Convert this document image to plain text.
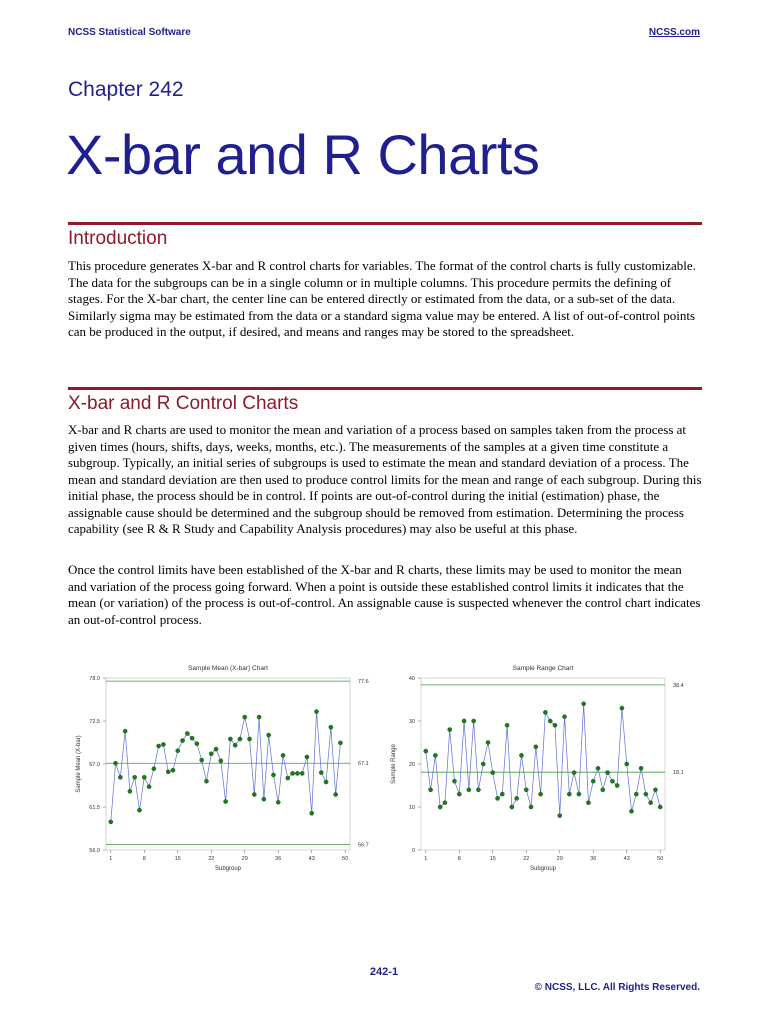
NCSS Statistical Software	NCSS.com
Chapter 242
X-bar and R Charts
Introduction

This procedure generates X-bar and R control charts for variables. The format of the control charts is fully customizable. The data for the subgroups can be in a single column or in multiple columns. This procedure permits the defining of stages. For the X-bar chart, the center line can be entered directly or estimated from the data, or a sub-set of the data. Similarly sigma may be estimated from the data or a standard sigma value may be entered. A list of out-of-control points can be produced in the output, if desired, and means and ranges may be stored to the spreadsheet.

X-bar and R Control Charts

X-bar and R charts are used to monitor the mean and variation of a process based on samples taken from the process at given times (hours, shifts, days, weeks, months, etc.). The measurements of the samples at a given time constitute a subgroup. Typically, an initial series of subgroups is used to estimate the mean and standard deviation of a process. The mean and standard deviation are then used to produce control limits for the mean and range of each subgroup. During this initial phase, the process should be in control. If points are out-of-control during the initial (estimation) phase, the assignable cause should be determined and the subgroup should be removed from estimation. Determining the process capability (see R & R Study and Capability Analysis procedures) may also be useful at this phase.

Once the control limits have been established of the X-bar and R charts, these limits may be used to monitor the mean and variation of the process going forward. When a point is outside these established control limits it indicates that the mean (or variation) of the process is out-of-control. An assignable cause is suspected whenever the control chart indicates an out-of-control process.

Sample Mean (X-bar) Chart
56.0
61.5
67.0
72.5
78.0
1	8	15	22	29	36	43	50
Subgroup
Sample Mean (X-bar)
77.6
67.1
56.7
Sample Range Chart
0
10
20
30
40
1	8	15	22	29	36	43	50
Subgroup
Sample Range
38.4
18.1
242-1
© NCSS, LLC. All Rights Reserved.
